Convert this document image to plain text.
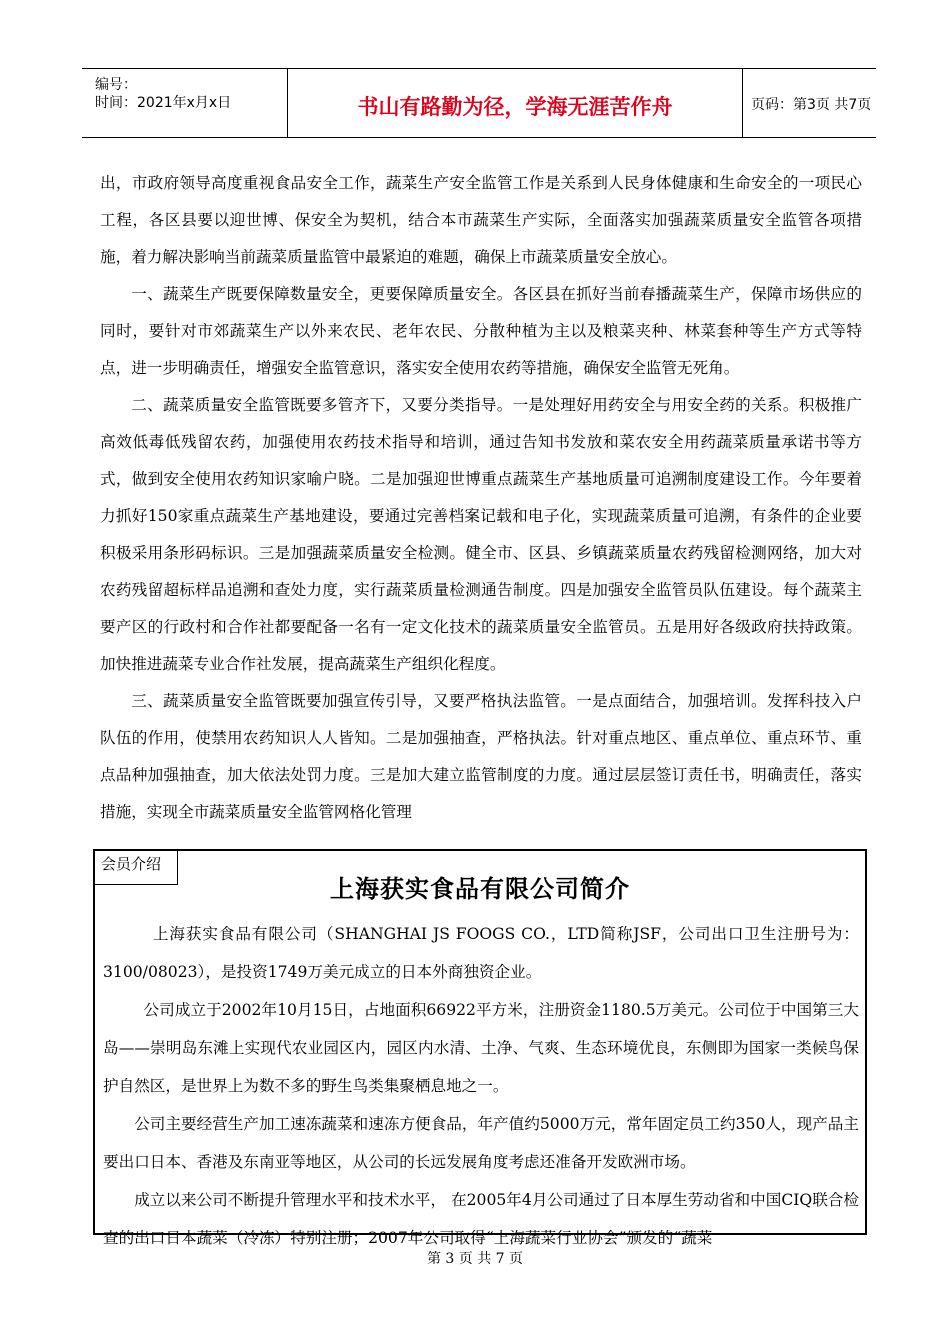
编号：
时间：2021年x月x日	书山有路勤为径，学海无涯苦作舟	页码：第3页 共7页

出，市政府领导高度重视食品安全工作，蔬菜生产安全监管工作是关系到人民身体健康和生命安全的一项民心工程，各区县要以迎世博、保安全为契机，结合本市蔬菜生产实际，全面落实加强蔬菜质量安全监管各项措施，着力解决影响当前蔬菜质量监管中最紧迫的难题，确保上市蔬菜质量安全放心。

一、蔬菜生产既要保障数量安全，更要保障质量安全。各区县在抓好当前春播蔬菜生产，保障市场供应的同时，要针对市郊蔬菜生产以外来农民、老年农民、分散种植为主以及粮菜夹种、林菜套种等生产方式等特点，进一步明确责任，增强安全监管意识，落实安全使用农药等措施，确保安全监管无死角。

二、蔬菜质量安全监管既要多管齐下，又要分类指导。一是处理好用药安全与用安全药的关系。积极推广高效低毒低残留农药，加强使用农药技术指导和培训，通过告知书发放和菜农安全用药蔬菜质量承诺书等方式，做到安全使用农药知识家喻户晓。二是加强迎世博重点蔬菜生产基地质量可追溯制度建设工作。今年要着力抓好150家重点蔬菜生产基地建设，要通过完善档案记载和电子化，实现蔬菜质量可追溯，有条件的企业要积极采用条形码标识。三是加强蔬菜质量安全检测。健全市、区县、乡镇蔬菜质量农药残留检测网络，加大对农药残留超标样品追溯和查处力度，实行蔬菜质量检测通告制度。四是加强安全监管员队伍建设。每个蔬菜主要产区的行政村和合作社都要配备一名有一定文化技术的蔬菜质量安全监管员。五是用好各级政府扶持政策。加快推进蔬菜专业合作社发展，提高蔬菜生产组织化程度。

三、蔬菜质量安全监管既要加强宣传引导，又要严格执法监管。一是点面结合，加强培训。发挥科技入户队伍的作用，使禁用农药知识人人皆知。二是加强抽查，严格执法。针对重点地区、重点单位、重点环节、重点品种加强抽查，加大依法处罚力度。三是加大建立监管制度的力度。通过层层签订责任书，明确责任，落实措施，实现全市蔬菜质量安全监管网格化管理

会员介绍
上海获实食品有限公司简介

上海获实食品有限公司（SHANGHAI JS FOOGS CO.，LTD简称JSF，公司出口卫生注册号为：3100/08023），是投资1749万美元成立的日本外商独资企业。

公司成立于2002年10月15日，占地面积66922平方米，注册资金1180.5万美元。公司位于中国第三大岛——崇明岛东滩上实现代农业园区内，园区内水清、土净、气爽、生态环境优良，东侧即为国家一类候鸟保护自然区，是世界上为数不多的野生鸟类集聚栖息地之一。

公司主要经营生产加工速冻蔬菜和速冻方便食品，年产值约5000万元，常年固定员工约350人，现产品主要出口日本、香港及东南亚等地区，从公司的长远发展角度考虑还准备开发欧洲市场。

成立以来公司不断提升管理水平和技术水平， 在2005年4月公司通过了日本厚生劳动省和中国CIQ联合检查的出口日本蔬菜（冷冻）特别注册；2007年公司取得“上海蔬菜行业协会”颁发的“蔬菜

第 3 页 共 7 页
